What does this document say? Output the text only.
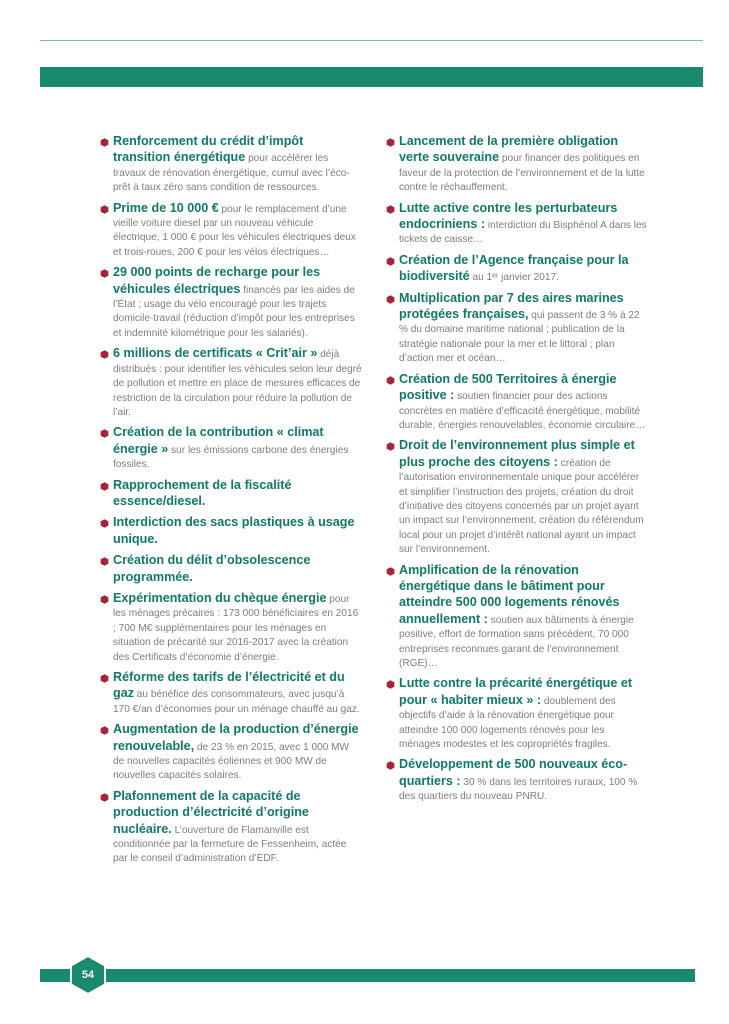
Renforcement du crédit d’impôt transition énergétique pour accélérer les travaux de rénovation énergétique, cumul avec l’éco-prêt à taux zéro sans condition de ressources.
Prime de 10 000 € pour le remplacement d’une vieille voiture diesel par un nouveau véhicule électrique, 1 000 € pour les véhicules électriques deux et trois-roues, 200 € pour les vélos électriques…
29 000 points de recharge pour les véhicules électriques financés par les aides de l’État ; usage du vélo encouragé pour les trajets domicile-travail (réduction d’impôt pour les entreprises et indemnité kilométrique pour les salariés).
6 millions de certificats « Crit’air » déjà distribués : pour identifier les véhicules selon leur degré de pollution et mettre en place de mesures efficaces de restriction de la circulation pour réduire la pollution de l’air.
Création de la contribution « climat énergie » sur les émissions carbone des énergies fossiles.
Rapprochement de la fiscalité essence/diesel.
Interdiction des sacs plastiques à usage unique.
Création du délit d’obsolescence programmée.
Expérimentation du chèque énergie pour les ménages précaires : 173 000 bénéficiaires en 2016 ; 700 M€ supplémentaires pour les ménages en situation de précarité sur 2016-2017 avec la création des Certificats d’économie d’énergie.
Réforme des tarifs de l’électricité et du gaz au bénéfice des consommateurs, avec jusqu’à 170 €/an d’économies pour un ménage chauffé au gaz.
Augmentation de la production d’énergie renouvelable, de 23 % en 2015, avec 1 000 MW de nouvelles capacités éoliennes et 900 MW de nouvelles capacités solaires.
Plafonnement de la capacité de production d’électricité d’origine nucléaire. L’ouverture de Flamanville est conditionnée par la fermeture de Fessenheim, actée par le conseil d’administration d’EDF.
Lancement de la première obligation verte souveraine pour financer des politiques en faveur de la protection de l’environnement et de la lutte contre le réchauffement.
Lutte active contre les perturbateurs endocriniens : interdiction du Bisphénol A dans les tickets de caisse…
Création de l’Agence française pour la biodiversité au 1ᵉʳ janvier 2017.
Multiplication par 7 des aires marines protégées françaises, qui passent de 3 % à 22 % du domaine maritime national ; publication de la stratégie nationale pour la mer et le littoral ; plan d’action mer et océan…
Création de 500 Territoires à énergie positive : soutien financier pour des actions concrètes en matière d’efficacité énergétique, mobilité durable, énergies renouvelables, économie circulaire…
Droit de l’environnement plus simple et plus proche des citoyens : création de l’autorisation environnementale unique pour accélérer et simplifier l’instruction des projets, création du droit d’initiative des citoyens concernés par un projet ayant un impact sur l’environnement, création du référendum local pour un projet d’intérêt national ayant un impact sur l’environnement.
Amplification de la rénovation énergétique dans le bâtiment pour atteindre 500 000 logements rénovés annuellement : soutien aux bâtiments à énergie positive, effort de formation sans précédent, 70 000 entreprises reconnues garant de l’environnement (RGE)…
Lutte contre la précarité énergétique et pour « habiter mieux » : doublement des objectifs d’aide à la rénovation énergétique pour atteindre 100 000 logements rénovés pour les ménages modestes et les copropriétés fragiles.
Développement de 500 nouveaux éco-quartiers : 30 % dans les territoires ruraux, 100 % des quartiers du nouveau PNRU.
54
